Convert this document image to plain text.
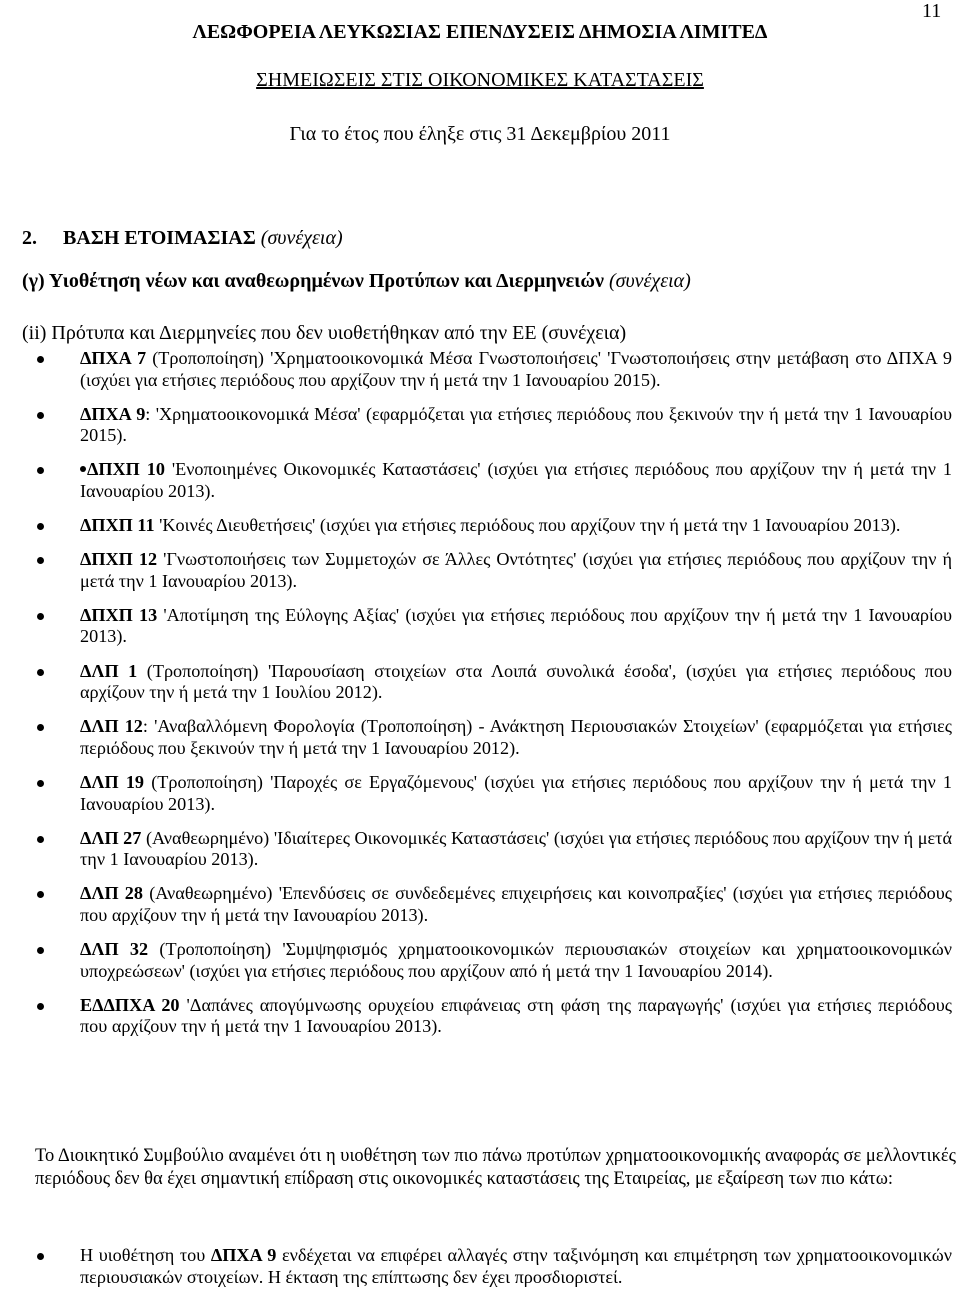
11
ΛΕΩΦΟΡΕΙΑ ΛΕΥΚΩΣΙΑΣ ΕΠΕΝΔΥΣΕΙΣ ΔΗΜΟΣΙΑ ΛΙΜΙΤΕΔ
ΣΗΜΕΙΩΣΕΙΣ ΣΤΙΣ ΟΙΚΟΝΟΜΙΚΕΣ ΚΑΤΑΣΤΑΣΕΙΣ
Για το έτος που έληξε στις 31 Δεκεμβρίου 2011
2. ΒΑΣΗ ΕΤΟΙΜΑΣΙΑΣ (συνέχεια)
(γ) Υιοθέτηση νέων και αναθεωρημένων Προτύπων και Διερμηνειών (συνέχεια)
(ii) Πρότυπα και Διερμηνείες που δεν υιοθετήθηκαν από την ΕΕ (συνέχεια)
ΔΠΧΑ 7 (Τροποποίηση) 'Χρηματοοικονομικά Μέσα Γνωστοποιήσεις' 'Γνωστοποιήσεις στην μετάβαση στο ΔΠΧΑ 9 (ισχύει για ετήσιες περιόδους που αρχίζουν την ή μετά την 1 Ιανουαρίου 2015).
ΔΠΧΑ 9: 'Χρηματοοικονομικά Μέσα' (εφαρμόζεται για ετήσιες περιόδους που ξεκινούν την ή μετά την 1 Ιανουαρίου 2015).
ΔΠΧΠ 10 'Ενοποιημένες Οικονομικές Καταστάσεις' (ισχύει για ετήσιες περιόδους που αρχίζουν την ή μετά την 1 Ιανουαρίου 2013).
ΔΠΧΠ 11 'Κοινές Διευθετήσεις' (ισχύει για ετήσιες περιόδους που αρχίζουν την ή μετά την 1 Ιανουαρίου 2013).
ΔΠΧΠ 12 'Γνωστοποιήσεις των Συμμετοχών σε Άλλες Οντότητες' (ισχύει για ετήσιες περιόδους που αρχίζουν την ή μετά την 1 Ιανουαρίου 2013).
ΔΠΧΠ 13 'Αποτίμηση της Εύλογης Αξίας' (ισχύει για ετήσιες περιόδους που αρχίζουν την ή μετά την 1 Ιανουαρίου 2013).
ΔΛΠ 1 (Τροποποίηση) 'Παρουσίαση στοιχείων στα Λοιπά συνολικά έσοδα', (ισχύει για ετήσιες περιόδους που αρχίζουν την ή μετά την 1 Ιουλίου 2012).
ΔΛΠ 12: 'Αναβαλλόμενη Φορολογία (Τροποποίηση) - Ανάκτηση Περιουσιακών Στοιχείων' (εφαρμόζεται για ετήσιες περιόδους που ξεκινούν την ή μετά την 1 Ιανουαρίου 2012).
ΔΛΠ 19 (Τροποποίηση) 'Παροχές σε Εργαζόμενους' (ισχύει για ετήσιες περιόδους που αρχίζουν την ή μετά την 1 Ιανουαρίου 2013).
ΔΛΠ 27 (Αναθεωρημένο) 'Ιδιαίτερες Οικονομικές Καταστάσεις' (ισχύει για ετήσιες περιόδους που αρχίζουν την ή μετά την 1 Ιανουαρίου 2013).
ΔΛΠ 28 (Αναθεωρημένο) 'Επενδύσεις σε συνδεδεμένες επιχειρήσεις και κοινοπραξίες' (ισχύει για ετήσιες περιόδους που αρχίζουν την ή μετά την Ιανουαρίου 2013).
ΔΛΠ 32 (Τροποποίηση) 'Συμψηφισμός χρηματοοικονομικών περιουσιακών στοιχείων και χρηματοοικονομικών υποχρεώσεων' (ισχύει για ετήσιες περιόδους που αρχίζουν από ή μετά την 1 Ιανουαρίου 2014).
ΕΔΔΠΧΑ 20 'Δαπάνες απογύμνωσης ορυχείου επιφάνειας στη φάση της παραγωγής' (ισχύει για ετήσιες περιόδους που αρχίζουν την ή μετά την 1 Ιανουαρίου 2013).

Το Διοικητικό Συμβούλιο αναμένει ότι η υιοθέτηση των πιο πάνω προτύπων χρηματοοικονομικής αναφοράς σε μελλοντικές περιόδους δεν θα έχει σημαντική επίδραση στις οικονομικές καταστάσεις της Εταιρείας, με εξαίρεση των πιο κάτω:

Η υιοθέτηση του ΔΠΧΑ 9 ενδέχεται να επιφέρει αλλαγές στην ταξινόμηση και επιμέτρηση των χρηματοοικονομικών περιουσιακών στοιχείων. Η έκταση της επίπτωσης δεν έχει προσδιοριστεί.
